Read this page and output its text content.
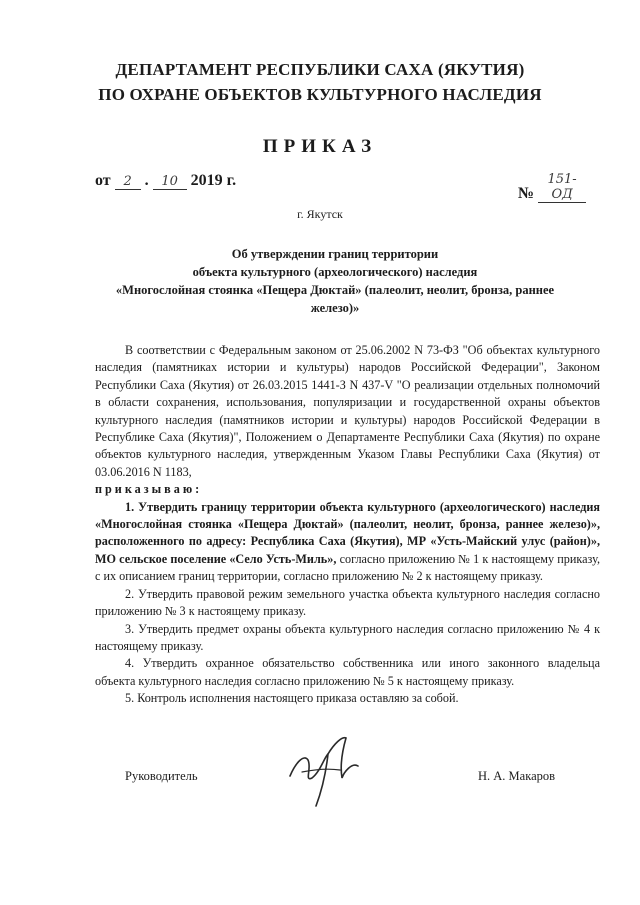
ДЕПАРТАМЕНТ РЕСПУБЛИКИ САХА (ЯКУТИЯ)
ПО ОХРАНЕ ОБЪЕКТОВ КУЛЬТУРНОГО НАСЛЕДИЯ
ПРИКАЗ
от 2 . 10 2019 г.
№ 151-ОД
г. Якутск
Об утверждении границ территории
объекта культурного (археологического) наследия
«Многослойная стоянка «Пещера Дюктай» (палеолит, неолит, бронза, раннее железо)»

В соответствии с Федеральным законом от 25.06.2002 N 73-ФЗ "Об объектах культурного наследия (памятниках истории и культуры) народов Российской Федерации", Законом Республики Саха (Якутия) от 26.03.2015 1441-З N 437-V "О реализации отдельных полномочий в области сохранения, использования, популяризации и государственной охраны объектов культурного наследия (памятников истории и культуры) народов Российской Федерации в Республике Саха (Якутия)", Положением о Департаменте Республики Саха (Якутия) по охране объектов культурного наследия, утвержденным Указом Главы Республики Саха (Якутия) от 03.06.2016 N 1183,

приказываю:

1. Утвердить границу территории объекта культурного (археологического) наследия «Многослойная стоянка «Пещера Дюктай» (палеолит, неолит, бронза, раннее железо)», расположенного по адресу: Республика Саха (Якутия), МР «Усть-Майский улус (район)», МО сельское поселение «Село Усть-Миль», согласно приложению № 1 к настоящему приказу, с их описанием границ территории, согласно приложению № 2 к настоящему приказу.

2. Утвердить правовой режим земельного участка объекта культурного наследия согласно приложению № 3 к настоящему приказу.

3. Утвердить предмет охраны объекта культурного наследия согласно приложению № 4 к настоящему приказу.

4. Утвердить охранное обязательство собственника или иного законного владельца объекта культурного наследия согласно приложению № 5 к настоящему приказу.

5. Контроль исполнения настоящего приказа оставляю за собой.

Руководитель	Н. А. Макаров
